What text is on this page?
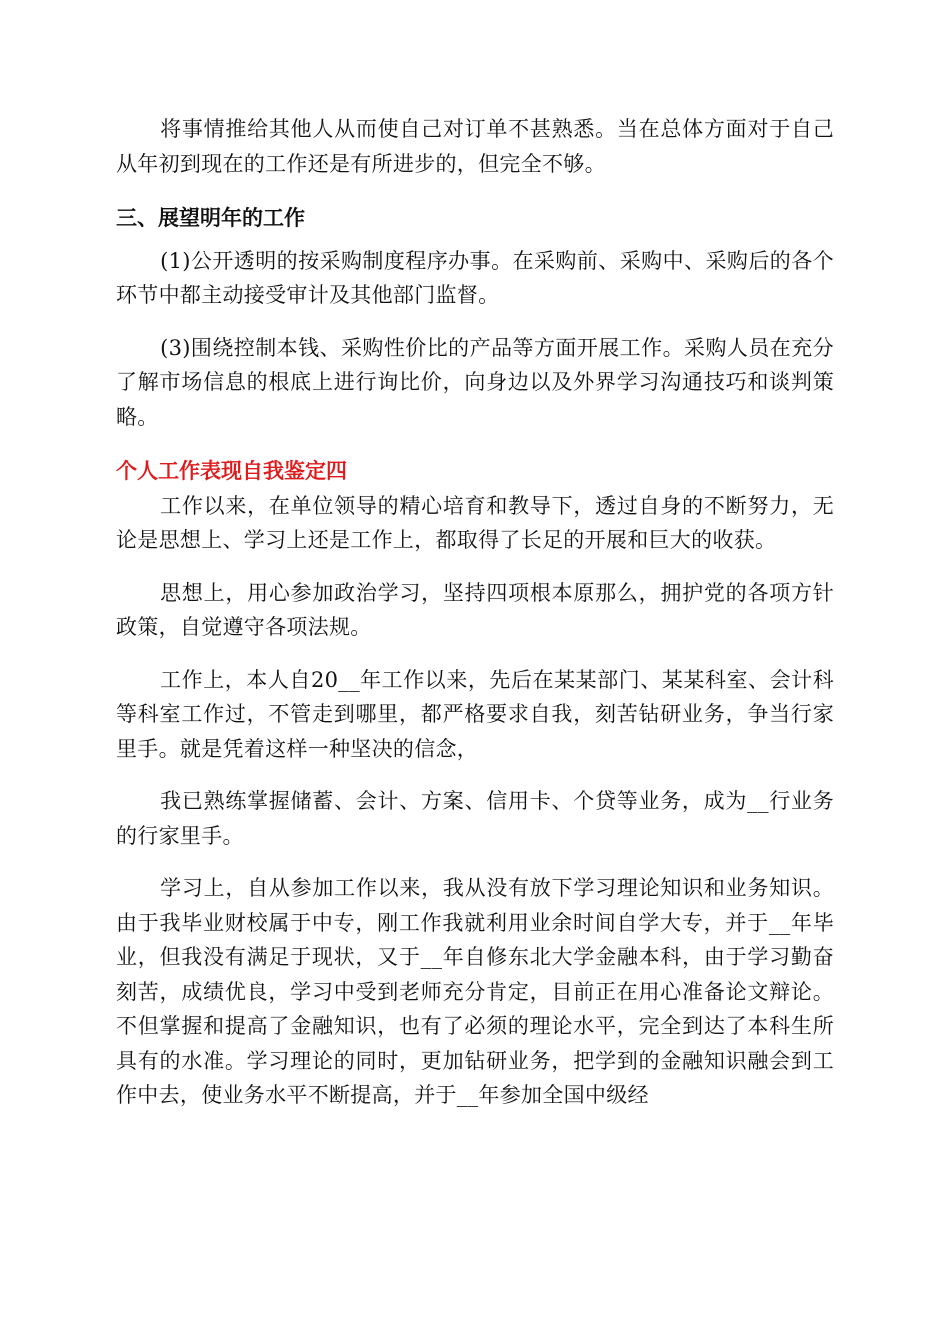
将事情推给其他人从而使自己对订单不甚熟悉。当在总体方面对于自己从年初到现在的工作还是有所进步的，但完全不够。

三、展望明年的工作

(1)公开透明的按采购制度程序办事。在采购前、采购中、采购后的各个环节中都主动接受审计及其他部门监督。

(3)围绕控制本钱、采购性价比的产品等方面开展工作。采购人员在充分了解市场信息的根底上进行询比价，向身边以及外界学习沟通技巧和谈判策略。

个人工作表现自我鉴定四

工作以来，在单位领导的精心培育和教导下，透过自身的不断努力，无论是思想上、学习上还是工作上，都取得了长足的开展和巨大的收获。

思想上，用心参加政治学习，坚持四项根本原那么，拥护党的各项方针政策，自觉遵守各项法规。

工作上，本人自20__年工作以来，先后在某某部门、某某科室、会计科等科室工作过，不管走到哪里，都严格要求自我，刻苦钻研业务，争当行家里手。就是凭着这样一种坚决的信念，

我已熟练掌握储蓄、会计、方案、信用卡、个贷等业务，成为__行业务的行家里手。

学习上，自从参加工作以来，我从没有放下学习理论知识和业务知识。由于我毕业财校属于中专，刚工作我就利用业余时间自学大专，并于__年毕业，但我没有满足于现状，又于__年自修东北大学金融本科，由于学习勤奋刻苦，成绩优良，学习中受到老师充分肯定，目前正在用心准备论文辩论。不但掌握和提高了金融知识，也有了必须的理论水平，完全到达了本科生所具有的水准。学习理论的同时，更加钻研业务，把学到的金融知识融会到工作中去，使业务水平不断提高，并于__年参加全国中级经
